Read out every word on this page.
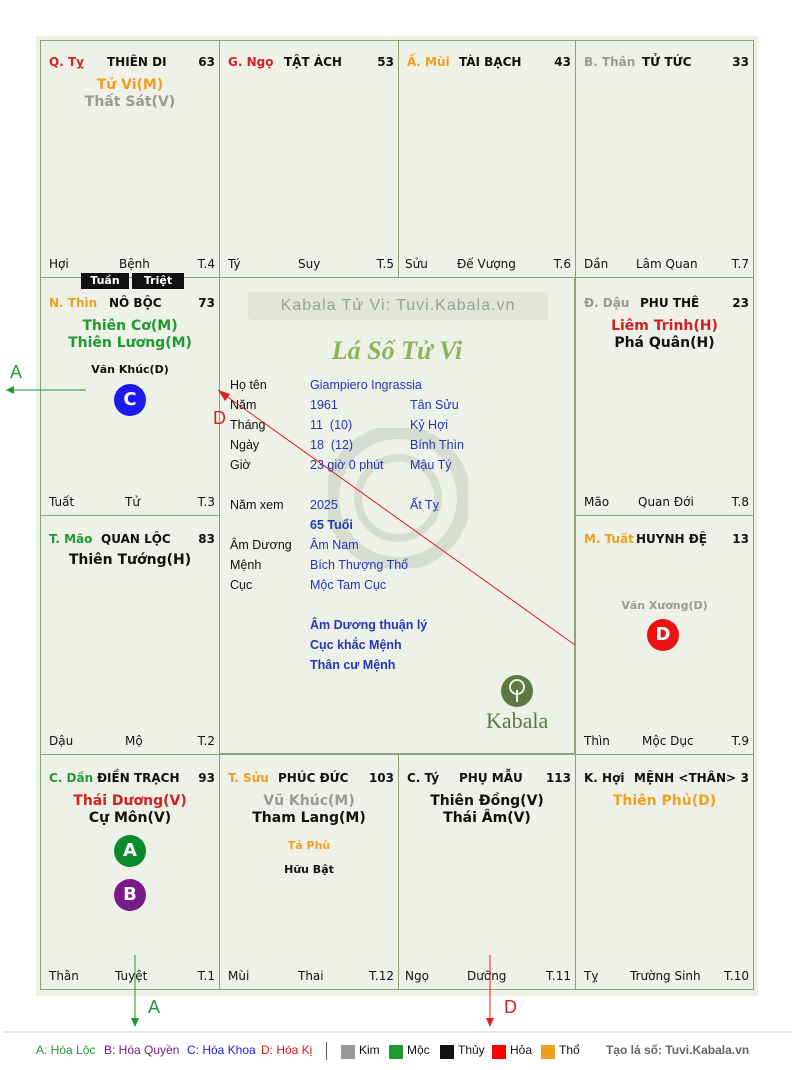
Q. Tỵ THIÊN DI	63
Tử Vi(M)
Thất Sát(V)
Hợi	Bệnh	T.4
G. Ngọ TẬT ÁCH	53
Tý	Suy	T.5
Ấ. Mùi TÀI BẠCH	43
Sửu Đế Vượng	T.6
B. Thân TỬ TỨC	33
Dần Lâm Quan	T.7
N. Thìn NÔ BỘC	73
Thiên Cơ(M)
Thiên Lương(M)
Văn Khúc(D)
Tuất	Tử	T.3
Tuần	Triệt
Đ. Dậu PHU THÊ	23
Liêm Trinh(H)
Phá Quân(H)
Mão Quan Đới	T.8
T. Mão QUAN LỘC 83
Thiên Tướng(H)
Dậu	Mộ	T.2
M. Tuất HUYNH ĐỆ 13
Văn Xương(D)
Thìn	Mộc Dục	T.9
C. Dần ĐIỀN TRẠCH 93
Thái Dương(V)
Cự Môn(V)
Thân	Tuyệt	T.1
T. Sửu PHÚC ĐỨC 103
Vũ Khúc(M)
Tham Lang(M)
Tả Phù
Hữu Bật
Mùi	Thai	T.12
C. Tý PHỤ MẪU 113
Thiên Đồng(V)
Thái Âm(V)
Ngọ	Dưỡng	T.11
K. Hợi MỆNH <THÂN> 3
Thiên Phủ(D)
Tỵ	Trường Sinh T.10
Kabala Tử Vi: Tuvi.Kabala.vn
Lá Số Tử Vi
Họ tên	Giampiero Ingrassia
Năm	1961	Tân Sửu
Tháng	11  (10)	Kỷ Hợi
Ngày	18  (12)	Bính Thìn
Giờ	23 giờ 0 phút Mậu Tý
Năm xem 2025	Ất Tỵ
65 Tuổi
Âm Dương Âm Nam
Mệnh	Bích Thượng Thổ
Cục	Mộc Tam Cục
Âm Dương thuận lý
Cục khắc Mệnh
Thân cư Mệnh
Kabala
A
D
A	D
C
D
A
B
A: Hóa Lộc B: Hóa Quyền C: Hóa Khoa D: Hóa Kị	Kim Mộc Thủy Hỏa Thổ Tạo lá số: Tuvi.Kabala.vn
